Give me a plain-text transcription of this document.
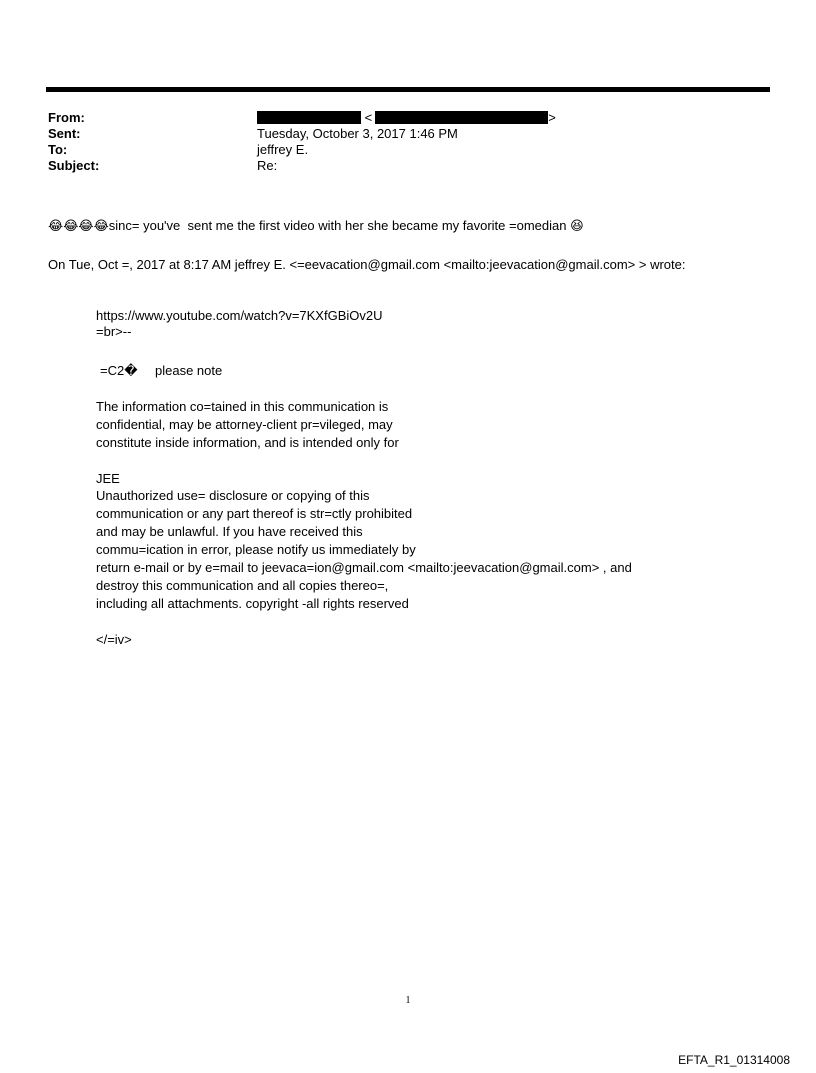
From:
Sent:
To:
Subject:
<	>
Tuesday, October 3, 2017 1:46 PM
jeffrey E.
Re:
😂😂😂😂sinc= you've  sent me the first video with her she became my favorite =omedian 😆
On Tue, Oct =, 2017 at 8:17 AM jeffrey E. <=eevacation@gmail.com <mailto:jeevacation@gmail.com> > wrote:
https://www.youtube.com/watch?v=7KXfGBiOv2U
=br>--
=C2� please note
The information co=tained in this communication is
confidential, may be attorney-client pr=vileged, may
constitute inside information, and is intended only for
JEE
Unauthorized use= disclosure or copying of this
communication or any part thereof is str=ctly prohibited
and may be unlawful. If you have received this
commu=ication in error, please notify us immediately by
return e-mail or by e=mail to jeevaca=ion@gmail.com <mailto:jeevacation@gmail.com> , and
destroy this communication and all copies thereo=,
including all attachments. copyright -all rights reserved
</=iv>
1
EFTA_R1_01314008
